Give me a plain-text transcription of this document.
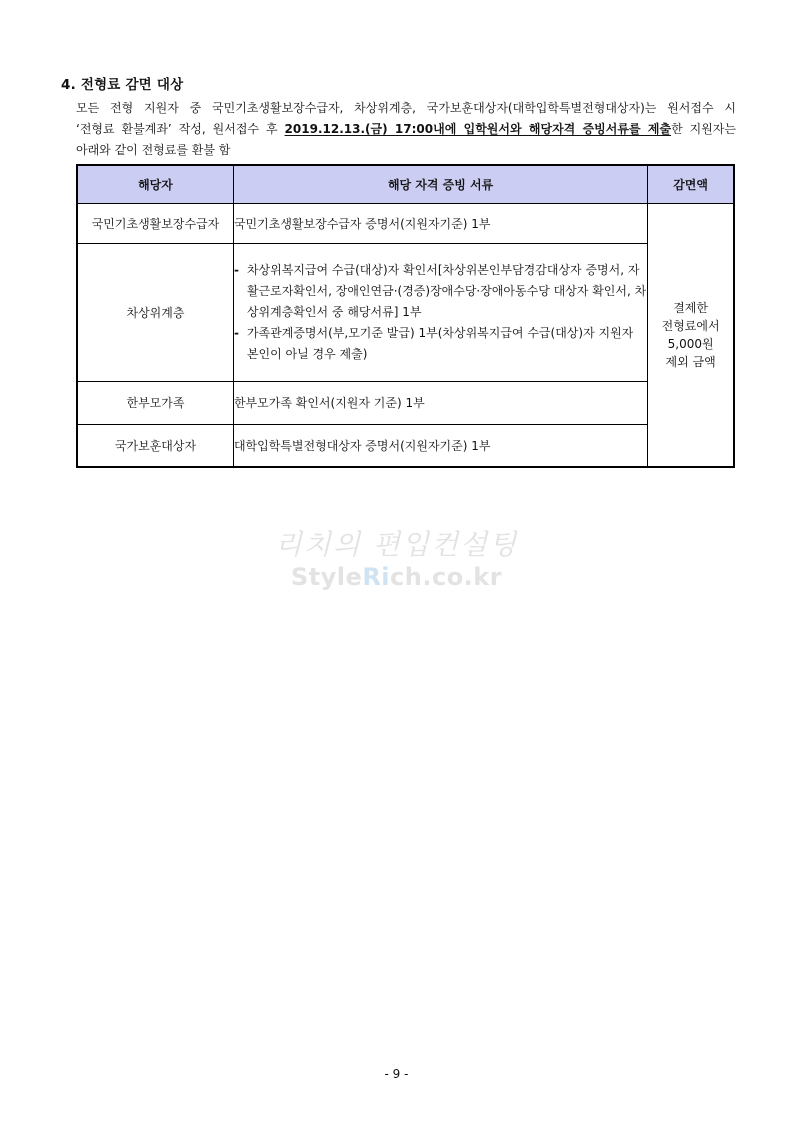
4. 전형료 감면 대상
모든 전형 지원자 중 국민기초생활보장수급자, 차상위계층, 국가보훈대상자(대학입학특별전형대상자)는 원서접수 시
‘전형료 환불계좌’ 작성, 원서접수 후 2019.12.13.(금) 17:00내에 입학원서와 해당자격 증빙서류를 제출한 지원자는
아래와 같이 전형료를 환불 함
해당자	해당 자격 증빙 서류	감면액
국민기초생활보장수급자	국민기초생활보장수급자 증명서(지원자기준) 1부	결제한
전형료에서
5,000원
제외 금액

차상위계층	- 차상위복지급여 수급(대상)자 확인서[차상위본인부담경감대상자 증명서, 자활근로자확인서, 장애인연금·(경증)장애수당·장애아동수당 대상자 확인서, 차상위계층확인서 중 해당서류] 1부
- 가족관계증명서(부,모기준 발급) 1부(차상위복지급여 수급(대상)자 지원자 본인이 아닐 경우 제출)	

한부모가족	한부모가족 확인서(지원자 기준) 1부	
국가보훈대상자	대학입학특별전형대상자 증명서(지원자기준) 1부	
리치의 편입컨설팅
StyleRich.co.kr
- 9 -
